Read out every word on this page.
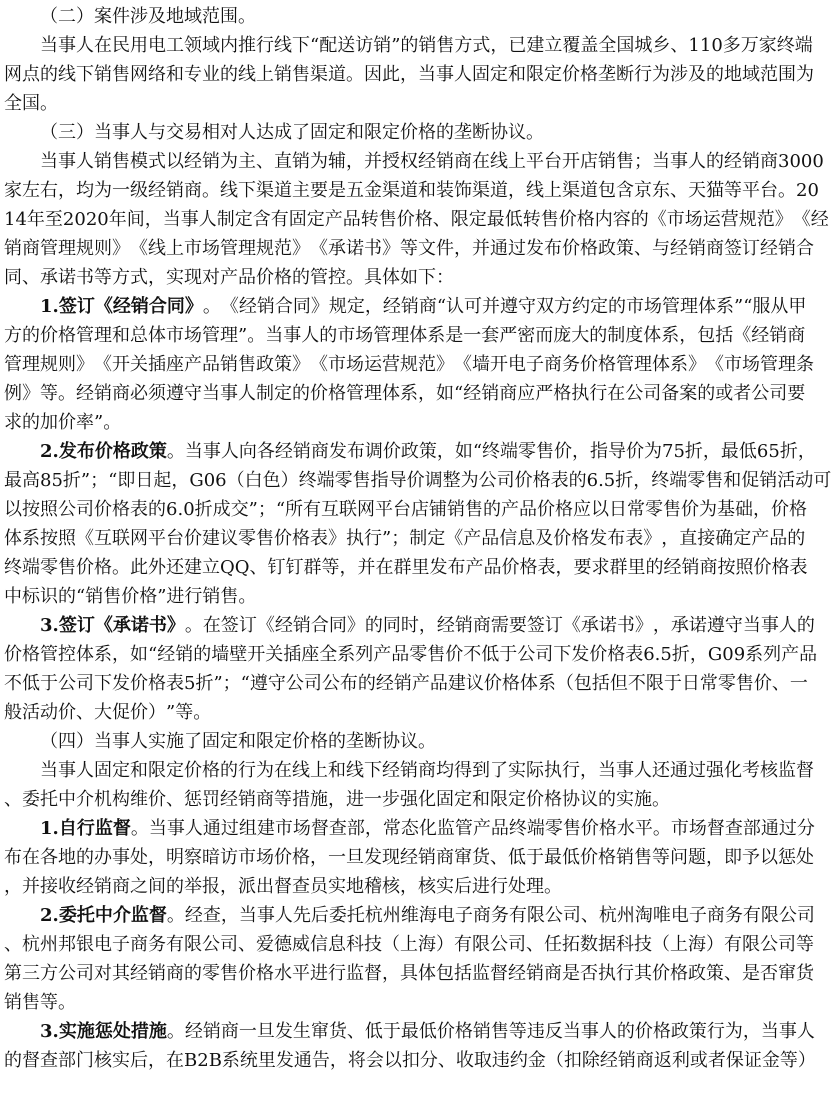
（ 二 ） 案 件 涉 及 地 域 范 围 。
当 事 人 在 民 用 电 工 领 域 内 推 行 线 下 “ 配 送 访 销 ” 的 销 售 方 式 ， 已 建 立 覆 盖 全 国 城 乡 、 1 1 0 多 万 家 终 端
网 点 的 线 下 销 售 网 络 和 专 业 的 线 上 销 售 渠 道 。 因 此 ， 当 事 人 固 定 和 限 定 价 格 垄 断 行 为 涉 及 的 地 域 范 围 为
全 国 。
（ 三 ） 当 事 人 与 交 易 相 对 人 达 成 了 固 定 和 限 定 价 格 的 垄 断 协 议 。
当 事 人 销 售 模 式 以 经 销 为 主 、 直 销 为 辅 ， 并 授 权 经 销 商 在 线 上 平 台 开 店 销 售 ； 当 事 人 的 经 销 商 3 0 0 0
家 左 右 ， 均 为 一 级 经 销 商 。 线 下 渠 道 主 要 是 五 金 渠 道 和 装 饰 渠 道 ， 线 上 渠 道 包 含 京 东 、 天 猫 等 平 台 。 2 0
1 4 年 至 2 0 2 0 年 间 ， 当 事 人 制 定 含 有 固 定 产 品 转 售 价 格 、 限 定 最 低 转 售 价 格 内 容 的 《 市 场 运 营 规 范 》 《 经
销 商 管 理 规 则 》 《 线 上 市 场 管 理 规 范 》 《 承 诺 书 》 等 文 件 ， 并 通 过 发 布 价 格 政 策 、 与 经 销 商 签 订 经 销 合
同 、 承 诺 书 等 方 式 ， 实 现 对 产 品 价 格 的 管 控 。 具 体 如 下 ：
1 . 签 订 《 经 销 合 同 》 。 《 经 销 合 同 》 规 定 ， 经 销 商 “ 认 可 并 遵 守 双 方 约 定 的 市 场 管 理 体 系 ” “ 服 从 甲
方 的 价 格 管 理 和 总 体 市 场 管 理 ” 。 当 事 人 的 市 场 管 理 体 系 是 一 套 严 密 而 庞 大 的 制 度 体 系 ， 包 括 《 经 销 商
管 理 规 则 》 《 开 关 插 座 产 品 销 售 政 策 》 《 市 场 运 营 规 范 》 《 墙 开 电 子 商 务 价 格 管 理 体 系 》 《 市 场 管 理 条
例 》 等 。 经 销 商 必 须 遵 守 当 事 人 制 定 的 价 格 管 理 体 系 ， 如 “ 经 销 商 应 严 格 执 行 在 公 司 备 案 的 或 者 公 司 要
求 的 加 价 率 ” 。
2 . 发 布 价 格 政 策 。 当 事 人 向 各 经 销 商 发 布 调 价 政 策 ， 如 “ 终 端 零 售 价 ， 指 导 价 为 7 5 折 ， 最 低 6 5 折 ，
最 高 8 5 折 ” ； “ 即 日 起 ， G 0 6 （ 白 色 ） 终 端 零 售 指 导 价 调 整 为 公 司 价 格 表 的 6 . 5 折 ， 终 端 零 售 和 促 销 活 动 可
以 按 照 公 司 价 格 表 的 6 . 0 折 成 交 ” ； “ 所 有 互 联 网 平 台 店 铺 销 售 的 产 品 价 格 应 以 日 常 零 售 价 为 基 础 ， 价 格
体 系 按 照 《 互 联 网 平 台 价 建 议 零 售 价 格 表 》 执 行 ” ； 制 定 《 产 品 信 息 及 价 格 发 布 表 》 ， 直 接 确 定 产 品 的
终 端 零 售 价 格 。 此 外 还 建 立 Q Q 、 钉 钉 群 等 ， 并 在 群 里 发 布 产 品 价 格 表 ， 要 求 群 里 的 经 销 商 按 照 价 格 表
中 标 识 的 “ 销 售 价 格 ” 进 行 销 售 。
3 . 签 订 《 承 诺 书 》 。 在 签 订 《 经 销 合 同 》 的 同 时 ， 经 销 商 需 要 签 订 《 承 诺 书 》 ， 承 诺 遵 守 当 事 人 的
价 格 管 控 体 系 ， 如 “ 经 销 的 墙 壁 开 关 插 座 全 系 列 产 品 零 售 价 不 低 于 公 司 下 发 价 格 表 6 . 5 折 ， G 0 9 系 列 产 品
不 低 于 公 司 下 发 价 格 表 5 折 ” ； “ 遵 守 公 司 公 布 的 经 销 产 品 建 议 价 格 体 系 （ 包 括 但 不 限 于 日 常 零 售 价 、 一
般 活 动 价 、 大 促 价 ） ” 等 。
（ 四 ） 当 事 人 实 施 了 固 定 和 限 定 价 格 的 垄 断 协 议 。
当 事 人 固 定 和 限 定 价 格 的 行 为 在 线 上 和 线 下 经 销 商 均 得 到 了 实 际 执 行 ， 当 事 人 还 通 过 强 化 考 核 监 督
、 委 托 中 介 机 构 维 价 、 惩 罚 经 销 商 等 措 施 ， 进 一 步 强 化 固 定 和 限 定 价 格 协 议 的 实 施 。
1 . 自 行 监 督 。 当 事 人 通 过 组 建 市 场 督 查 部 ， 常 态 化 监 管 产 品 终 端 零 售 价 格 水 平 。 市 场 督 查 部 通 过 分
布 在 各 地 的 办 事 处 ， 明 察 暗 访 市 场 价 格 ， 一 旦 发 现 经 销 商 窜 货 、 低 于 最 低 价 格 销 售 等 问 题 ， 即 予 以 惩 处
， 并 接 收 经 销 商 之 间 的 举 报 ， 派 出 督 查 员 实 地 稽 核 ， 核 实 后 进 行 处 理 。
2 . 委 托 中 介 监 督 。 经 查 ， 当 事 人 先 后 委 托 杭 州 维 海 电 子 商 务 有 限 公 司 、 杭 州 淘 唯 电 子 商 务 有 限 公 司
、 杭 州 邦 银 电 子 商 务 有 限 公 司 、 爱 德 威 信 息 科 技 （ 上 海 ） 有 限 公 司 、 任 拓 数 据 科 技 （ 上 海 ） 有 限 公 司 等
第 三 方 公 司 对 其 经 销 商 的 零 售 价 格 水 平 进 行 监 督 ， 具 体 包 括 监 督 经 销 商 是 否 执 行 其 价 格 政 策 、 是 否 窜 货
销 售 等 。
3 . 实 施 惩 处 措 施 。 经 销 商 一 旦 发 生 窜 货 、 低 于 最 低 价 格 销 售 等 违 反 当 事 人 的 价 格 政 策 行 为 ， 当 事 人
的 督 查 部 门 核 实 后 ， 在 B 2 B 系 统 里 发 通 告 ， 将 会 以 扣 分 、 收 取 违 约 金 （ 扣 除 经 销 商 返 利 或 者 保 证 金 等 ）
